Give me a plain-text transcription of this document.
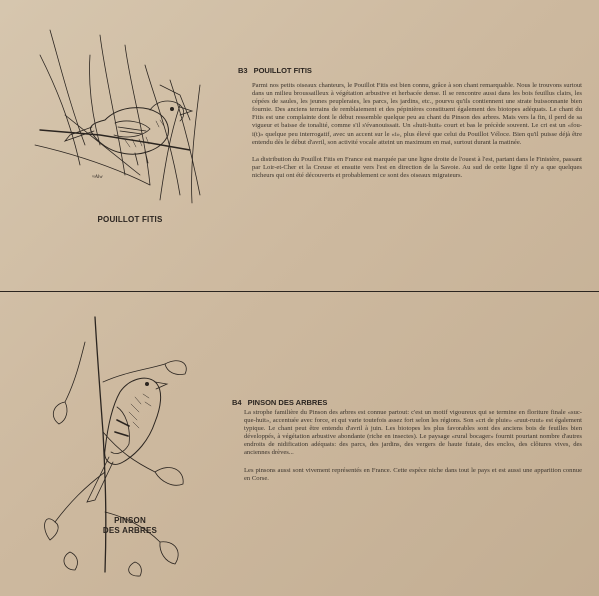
≈Alw
POUILLOT FITIS
B3 POUILLOT FITIS

Parmi nos petits oiseaux chanteurs, le Pouillot Fitis est bien connu, grâce à son chant remarquable. Nous le trouvons surtout dans un milieu broussailleux à végétation arbustive et herbacée dense. Il se rencontre aussi dans les bois feuillus clairs, les cépées de saules, les jeunes peupleraies, les parcs, les jardins, etc., pourvu qu'ils contiennent une strate buissonnante bien fournie. Des anciens terrains de remblaiement et des pépinières constituent également des biotopes adéquats. Le chant du Fitis est une complainte dont le début ressemble quelque peu au chant du Pinson des arbres. Mais vers la fin, il perd de sa vigueur et baisse de tonalité, comme s'il s'évanouissait. Un «huit-huit» court et bas le précède souvent. Le cri est un «fou-i(t)» quelque peu interrogatif, avec un accent sur le «i», plus élevé que celui du Pouillot Véloce. Bien qu'il puisse déjà être entendu dès le début d'avril, son activité vocale atteint un maximum en mai, surtout durant la matinée.

La distribution du Pouillot Fitis en France est marquée par une ligne droite de l'ouest à l'est, partant dans le Finistère, passant par Loir-et-Cher et la Creuse et ensuite vers l'est en direction de la Savoie. Au sud de cette ligne il n'y a que quelques nicheurs qui ont été découverts et probablement ce sont des oiseaux migrateurs.

PINSON
DES ARBRES
B4 PINSON DES ARBRES

La strophe familière du Pinson des arbres est connue partout: c'est un motif vigoureux qui se termine en floriture finale «suc-que-huit», accentuée avec force, et qui varie toutefois assez fort selon les régions. Son «cri de pluie» «ruut-ruut» est également typique. Le chant peut être entendu d'avril à juin. Les biotopes les plus favorables sont des anciens bois de feuilles bien développés, à végétation arbustive abondante (riche en insectes). Le paysage «rural bocager» fournit pourtant nombre d'autres endroits de nidification adéquats: des parcs, des jardins, des vergers de haute futaie, des enclos, des clôtures vives, des anciennes drèves...

Les pinsons aussi sont vivement représentés en France. Cette espèce niche dans tout le pays et est aussi une apparition connue en Corse.
